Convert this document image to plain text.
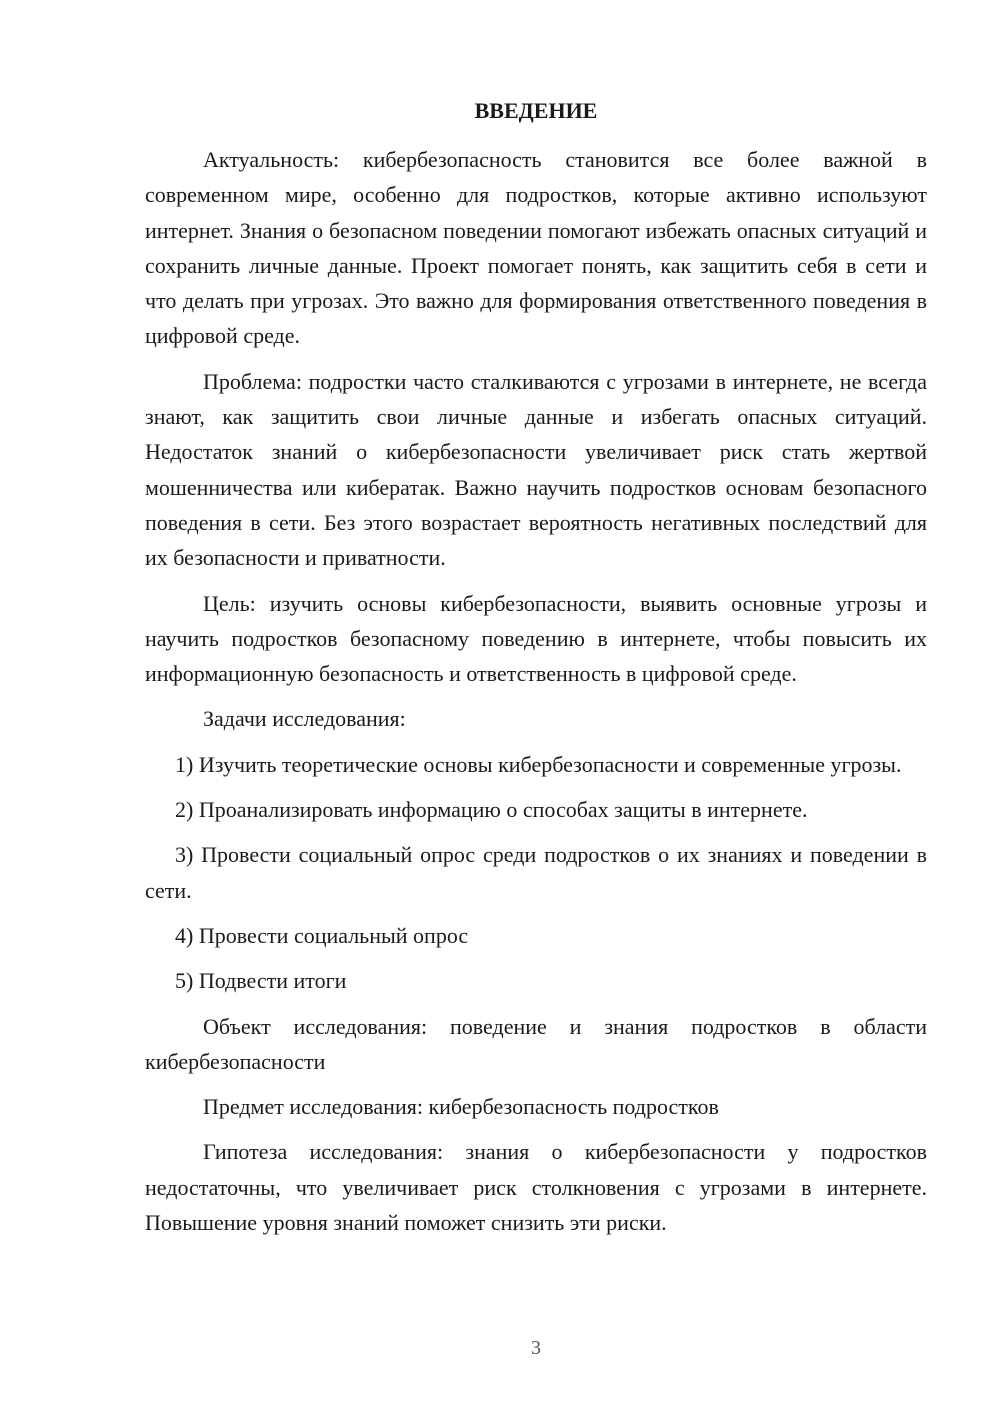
ВВЕДЕНИЕ

Актуальность: кибербезопасность становится все более важной в современном мире, особенно для подростков, которые активно используют интернет. Знания о безопасном поведении помогают избежать опасных ситуаций и сохранить личные данные. Проект помогает понять, как защитить себя в сети и что делать при угрозах. Это важно для формирования ответственного поведения в цифровой среде.

Проблема: подростки часто сталкиваются с угрозами в интернете, не всегда знают, как защитить свои личные данные и избегать опасных ситуаций. Недостаток знаний о кибербезопасности увеличивает риск стать жертвой мошенничества или кибератак. Важно научить подростков основам безопасного поведения в сети. Без этого возрастает вероятность негативных последствий для их безопасности и приватности.

Цель: изучить основы кибербезопасности, выявить основные угрозы и научить подростков безопасному поведению в интернете, чтобы повысить их информационную безопасность и ответственность в цифровой среде.

Задачи исследования:

1) Изучить теоретические основы кибербезопасности и современные угрозы.

2) Проанализировать информацию о способах защиты в интернете.

3) Провести социальный опрос среди подростков о их знаниях и поведении в сети.

4) Провести социальный опрос

5) Подвести итоги

Объект исследования: поведение и знания подростков в области кибербезопасности

Предмет исследования: кибербезопасность подростков

Гипотеза исследования: знания о кибербезопасности у подростков недостаточны, что увеличивает риск столкновения с угрозами в интернете. Повышение уровня знаний поможет снизить эти риски.

3
